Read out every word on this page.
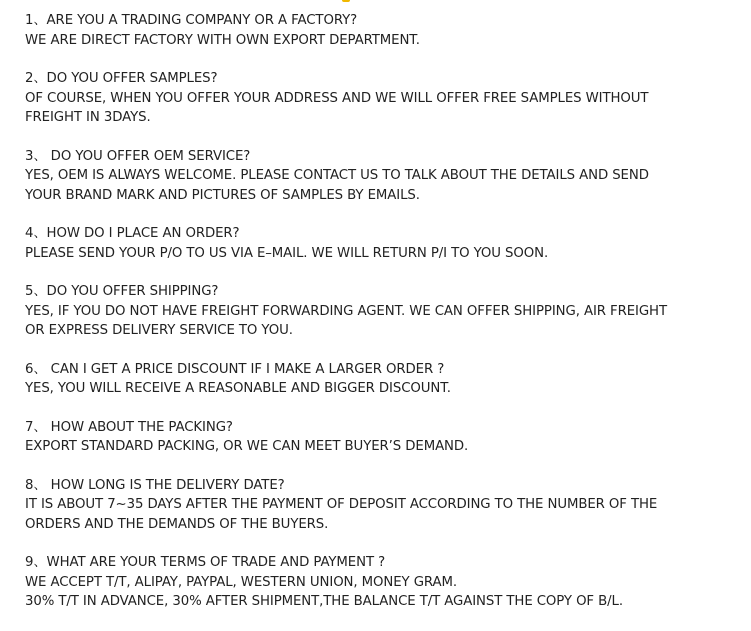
1、ARE YOU A TRADING COMPANY OR A FACTORY?
WE ARE DIRECT FACTORY WITH OWN EXPORT DEPARTMENT.
2、DO YOU OFFER SAMPLES?
OF COURSE, WHEN YOU OFFER YOUR ADDRESS AND WE WILL OFFER FREE SAMPLES WITHOUT
FREIGHT IN 3DAYS.
3、 DO YOU OFFER OEM SERVICE?
YES, OEM IS ALWAYS WELCOME. PLEASE CONTACT US TO TALK ABOUT THE DETAILS AND SEND
YOUR BRAND MARK AND PICTURES OF SAMPLES BY EMAILS.
4、HOW DO I PLACE AN ORDER?
PLEASE SEND YOUR P/O TO US VIA E–MAIL. WE WILL RETURN P/I TO YOU SOON.
5、DO YOU OFFER SHIPPING?
YES, IF YOU DO NOT HAVE FREIGHT FORWARDING AGENT. WE CAN OFFER SHIPPING, AIR FREIGHT
OR EXPRESS DELIVERY SERVICE TO YOU.
6、 CAN I GET A PRICE DISCOUNT IF I MAKE A LARGER ORDER ?
YES, YOU WILL RECEIVE A REASONABLE AND BIGGER DISCOUNT.
7、 HOW ABOUT THE PACKING?
EXPORT STANDARD PACKING, OR WE CAN MEET BUYER’S DEMAND.
8、 HOW LONG IS THE DELIVERY DATE?
IT IS ABOUT 7~35 DAYS AFTER THE PAYMENT OF DEPOSIT ACCORDING TO THE NUMBER OF THE
ORDERS AND THE DEMANDS OF THE BUYERS.
9、WHAT ARE YOUR TERMS OF TRADE AND PAYMENT ?
WE ACCEPT T/T, ALIPAY, PAYPAL, WESTERN UNION, MONEY GRAM.
30% T/T IN ADVANCE, 30% AFTER SHIPMENT,THE BALANCE T/T AGAINST THE COPY OF B/L.
